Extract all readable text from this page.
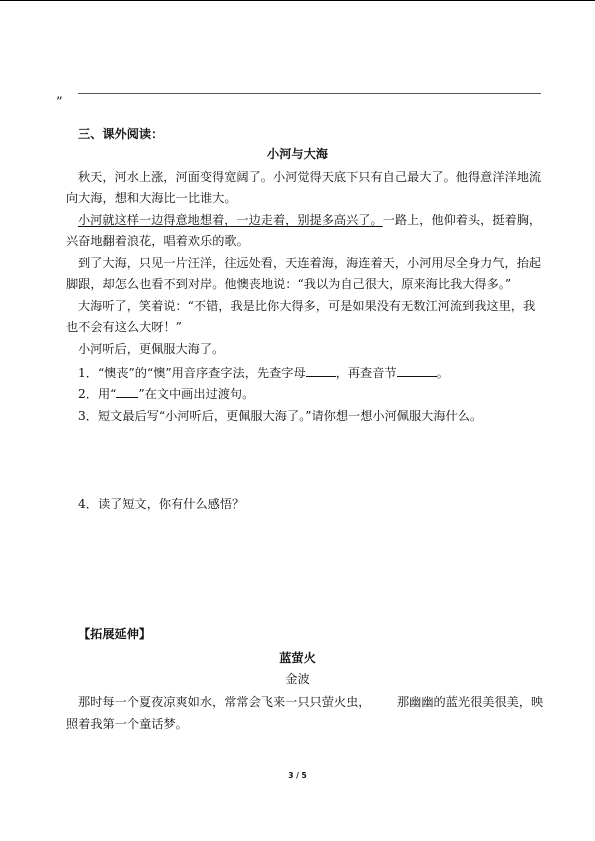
”
三、课外阅读：
小河与大海
秋天，河水上涨，河面变得宽阔了。小河觉得天底下只有自己最大了。他得意洋洋地流
向大海，想和大海比一比谁大。
小河就这样一边得意地想着，一边走着，别提多高兴了。一路上，他仰着头，挺着胸，
兴奋地翻着浪花，唱着欢乐的歌。
到了大海，只见一片汪洋，往远处看，天连着海，海连着天，小河用尽全身力气，抬起
脚跟，却怎么也看不到对岸。他懊丧地说：“我以为自己很大，原来海比我大得多。”
大海听了，笑着说：“不错，我是比你大得多，可是如果没有无数江河流到我这里，我
也不会有这么大呀！”
小河听后，更佩服大海了。
1．“懊丧”的“懊”用音序查字法，先查字母 ，再查音节	。
2．用“ ”在文中画出过渡句。
3．短文最后写“小河听后，更佩服大海了。”请你想一想小河佩服大海什么。
4．读了短文，你有什么感悟？
【拓展延伸】
蓝萤火
金波
那时每一个夏夜凉爽如水，常常会飞来一只只萤火虫， 那幽幽的蓝光很美很美，映
照着我第一个童话梦。
3 / 5
